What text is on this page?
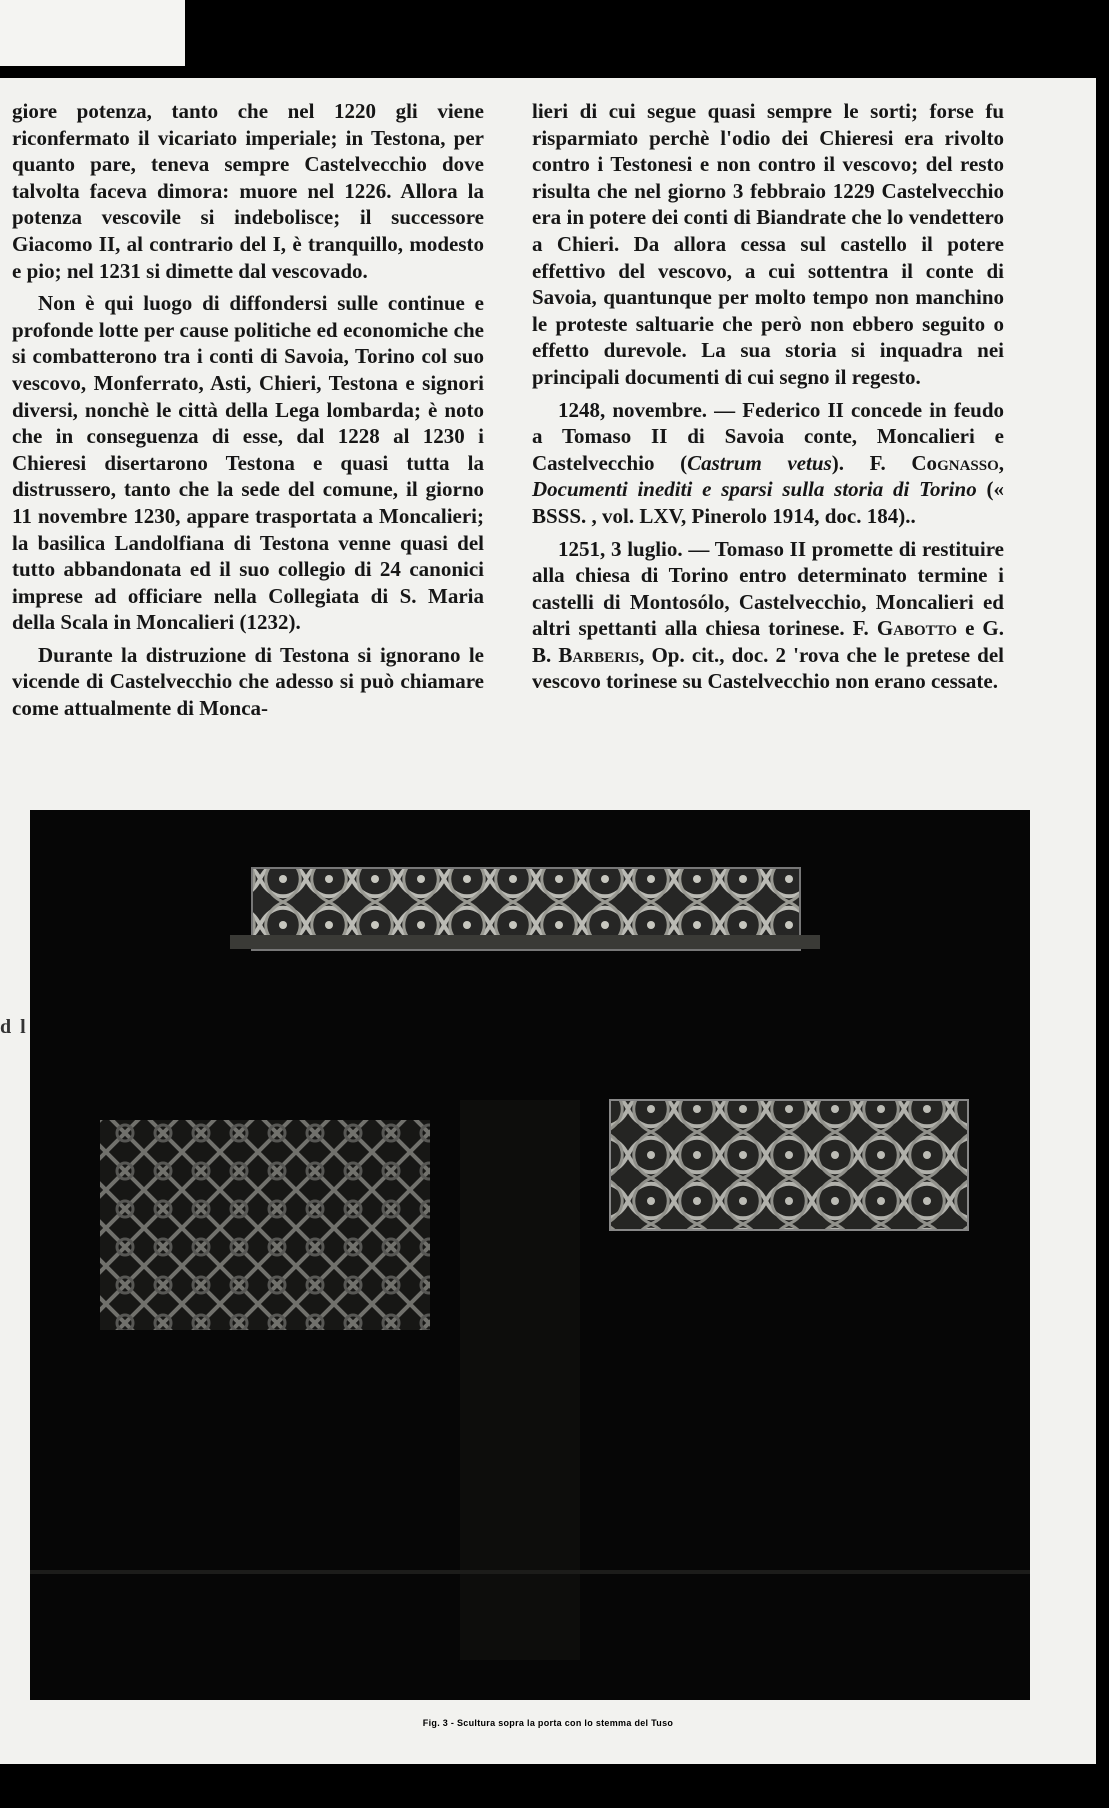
giore potenza, tanto che nel 1220 gli viene riconfermato il vicariato imperiale; in Testona, per quanto pare, teneva sempre Castelvecchio dove talvolta faceva dimora: muore nel 1226. Allora la potenza vescovile si indebolisce; il successore Giacomo II, al contrario del I, è tranquillo, modesto e pio; nel 1231 si dimette dal vescovado.

Non è qui luogo di diffondersi sulle continue e profonde lotte per cause politiche ed economiche che si combatterono tra i conti di Savoia, Torino col suo vescovo, Monferrato, Asti, Chieri, Testona e signori diversi, nonchè le città della Lega lombarda; è noto che in conseguenza di esse, dal 1228 al 1230 i Chieresi disertarono Testona e quasi tutta la distrussero, tanto che la sede del comune, il giorno 11 novembre 1230, appare trasportata a Moncalieri; la basilica Landolfiana di Testona venne quasi del tutto abbandonata ed il suo collegio di 24 canonici imprese ad officiare nella Collegiata di S. Maria della Scala in Moncalieri (1232).

Durante la distruzione di Testona si ignorano le vicende di Castelvecchio che adesso si può chiamare come attualmente di Monca-

lieri di cui segue quasi sempre le sorti; forse fu risparmiato perchè l'odio dei Chieresi era rivolto contro i Testonesi e non contro il vescovo; del resto risulta che nel giorno 3 febbraio 1229 Castelvecchio era in potere dei conti di Biandrate che lo vendettero a Chieri. Da allora cessa sul castello il potere effettivo del vescovo, a cui sottentra il conte di Savoia, quantunque per molto tempo non manchino le proteste saltuarie che però non ebbero seguito o effetto durevole. La sua storia si inquadra nei principali documenti di cui segno il regesto.

1248, novembre. — Federico II concede in feudo a Tomaso II di Savoia conte, Moncalieri e Castelvecchio (Castrum vetus). F. Cognasso, Documenti inediti e sparsi sulla storia di Torino (« BSSS. , vol. LXV, Pinerolo 1914, doc. 184)..

1251, 3 luglio. — Tomaso II promette di restituire alla chiesa di Torino entro determinato termine i castelli di Montosólo, Castelvecchio, Moncalieri ed altri spettanti alla chiesa torinese. F. Gabotto e G. B. Barberis, Op. cit., doc. 2 'rova che le pretese del vescovo torinese su Castelvecchio non erano cessate.

d l
Fig. 3 - Scultura sopra la porta con lo stemma del Tuso
31
